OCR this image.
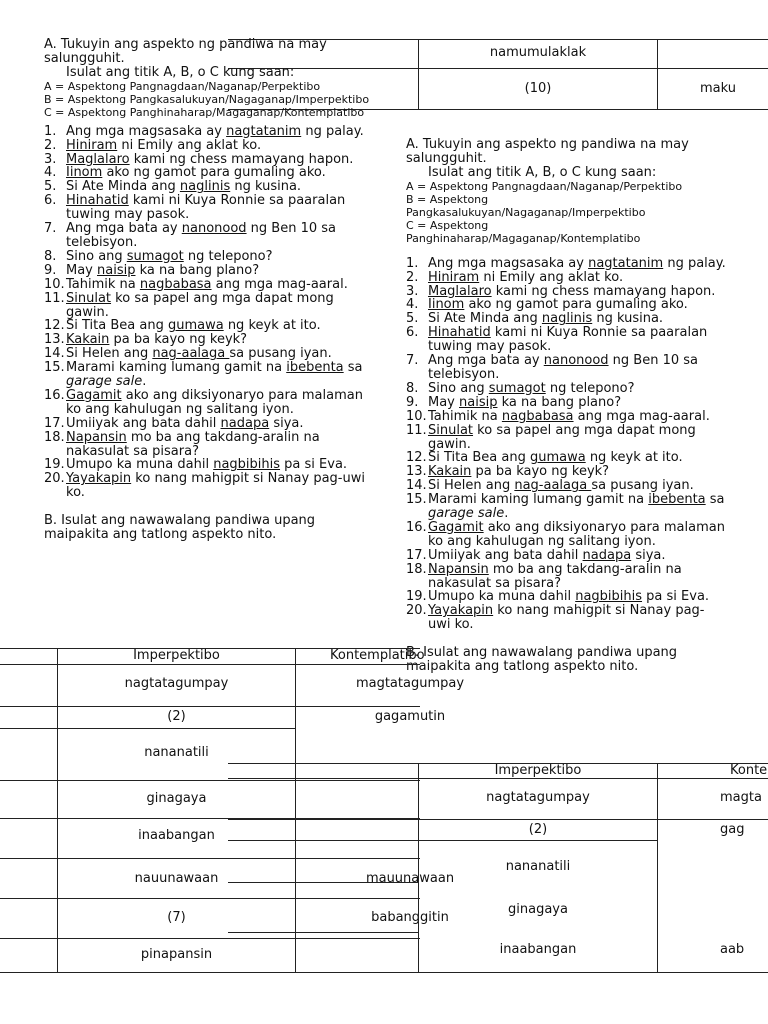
namumulaklak
(10)	maku

A. Tukuyin ang aspekto ng pandiwa na may salungguhit.

Isulat ang titik A, B, o C kung saan:

A = Aspektong Pangnagdaan/Naganap/Perpektibo

B = Aspektong Pangkasalukuyan/Nagaganap/Imperpektibo

C = Aspektong Panghinaharap/Magaganap/Kontemplatibo

1. Ang mga magsasaka ay nagtatanim ng palay.
2. Hiniram ni Emily ang aklat ko.
3. Maglalaro kami ng chess mamayang hapon.
4. Iinom ako ng gamot para gumaling ako.
5. Si Ate Minda ang naglinis ng kusina.
6. Hinahatid kami ni Kuya Ronnie sa paaralan tuwing may pasok.
7. Ang mga bata ay nanonood ng Ben 10 sa telebisyon.
8. Sino ang sumagot ng telepono?
9. May naisip ka na bang plano?
10. Tahimik na nagbabasa ang mga mag-aaral.
11. Sinulat ko sa papel ang mga dapat mong gawin.
12. Si Tita Bea ang gumawa ng keyk at ito.
13. Kakain pa ba kayo ng keyk?
14. Si Helen ang nag-aalaga sa pusang iyan.
15. Marami kaming lumang gamit na ibebenta sa garage sale.
16. Gagamit ako ang diksiyonaryo para malaman ko ang kahulugan ng salitang iyon.
17. Umiiyak ang bata dahil nadapa siya.
18. Napansin mo ba ang takdang-aralin na nakasulat sa pisara?
19. Umupo ka muna dahil nagbibihis pa si Eva.
20. Yayakapin ko nang mahigpit si Nanay pag-uwi ko.

B. Isulat ang nawawalang pandiwa upang maipakita ang tatlong aspekto nito.

A. Tukuyin ang aspekto ng pandiwa na may salungguhit.

Isulat ang titik A, B, o C kung saan:

A = Aspektong Pangnagdaan/Naganap/Perpektibo

B = Aspektong Pangkasalukuyan/Nagaganap/Imperpektibo

C = Aspektong Panghinaharap/Magaganap/Kontemplatibo

1. Ang mga magsasaka ay nagtatanim ng palay.
2. Hiniram ni Emily ang aklat ko.
3. Maglalaro kami ng chess mamayang hapon.
4. Iinom ako ng gamot para gumaling ako.
5. Si Ate Minda ang naglinis ng kusina.
6. Hinahatid kami ni Kuya Ronnie sa paaralan tuwing may pasok.
7. Ang mga bata ay nanonood ng Ben 10 sa telebisyon.
8. Sino ang sumagot ng telepono?
9. May naisip ka na bang plano?
10. Tahimik na nagbabasa ang mga mag-aaral.
11. Sinulat ko sa papel ang mga dapat mong gawin.
12. Si Tita Bea ang gumawa ng keyk at ito.
13. Kakain pa ba kayo ng keyk?
14. Si Helen ang nag-aalaga sa pusang iyan.
15. Marami kaming lumang gamit na ibebenta sa garage sale.
16. Gagamit ako ang diksiyonaryo para malaman ko ang kahulugan ng salitang iyon.
17. Umiiyak ang bata dahil nadapa siya.
18. Napansin mo ba ang takdang-aralin na nakasulat sa pisara?
19. Umupo ka muna dahil nagbibihis pa si Eva.
20. Yayakapin ko nang mahigpit si Nanay pag-uwi ko.

B. Isulat ang nawawalang pandiwa upang maipakita ang tatlong aspekto nito.

Imperpektibo	Kontemplatibo
nagtatagumpay	magtatagumpay
(2)	gagamutin
nananatili
ginagaya
inaabangan
nauunawaan	mauunawaan
(7)	babanggitin
pinapansin
Imperpektibo	Konte
nagtatagumpay	magta
(2)	gag
nananatili
ginagaya
inaabangan	aab
